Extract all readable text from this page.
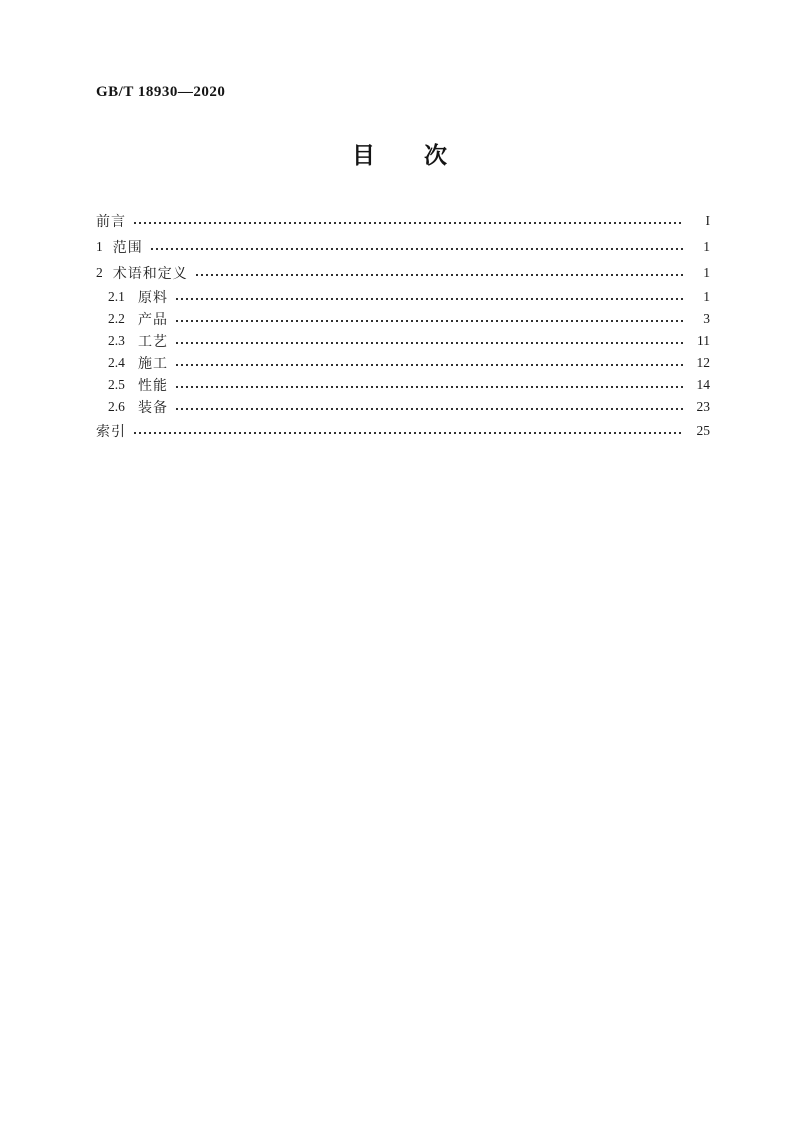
GB/T 18930—2020
目　　次
前言	I
1 范围	1
2 术语和定义	1
2.1 原料	1
2.2 产品	3
2.3 工艺	11
2.4 施工	12
2.5 性能	14
2.6 装备	23
索引	25
